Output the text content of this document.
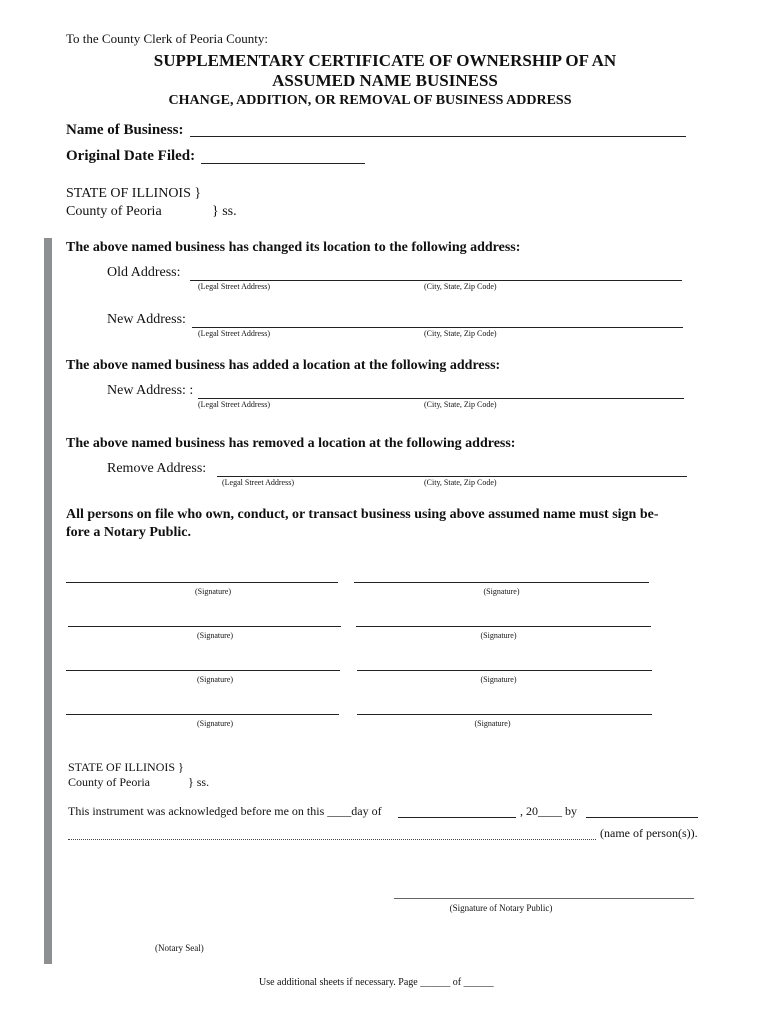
To the County Clerk of Peoria County:
SUPPLEMENTARY CERTIFICATE OF OWNERSHIP OF AN
ASSUMED NAME BUSINESS
CHANGE, ADDITION, OR REMOVAL OF BUSINESS ADDRESS
Name of Business:
Original Date Filed:
STATE OF ILLINOIS }
County of Peoria	} ss.
The above named business has changed its location to the following address:
Old Address:
(Legal Street Address)	(City, State, Zip Code)
New Address:
(Legal Street Address)	(City, State, Zip Code)
The above named business has added a location at the following address:
New Address: :
(Legal Street Address)	(City, State, Zip Code)
The above named business has removed a location at the following address:
Remove Address:
(Legal Street Address)	(City, State, Zip Code)
All persons on file who own, conduct, or transact business using above assumed name must sign be-
fore a Notary Public.
(Signature)	(Signature)
(Signature)	(Signature)
(Signature)	(Signature)
(Signature)	(Signature)
STATE OF ILLINOIS }
County of Peoria	} ss.
This instrument was acknowledged before me on this ____day of	, 20____ by
(name of person(s)).
(Signature of Notary Public)
(Notary Seal)
Use additional sheets if necessary. Page ______ of ______
